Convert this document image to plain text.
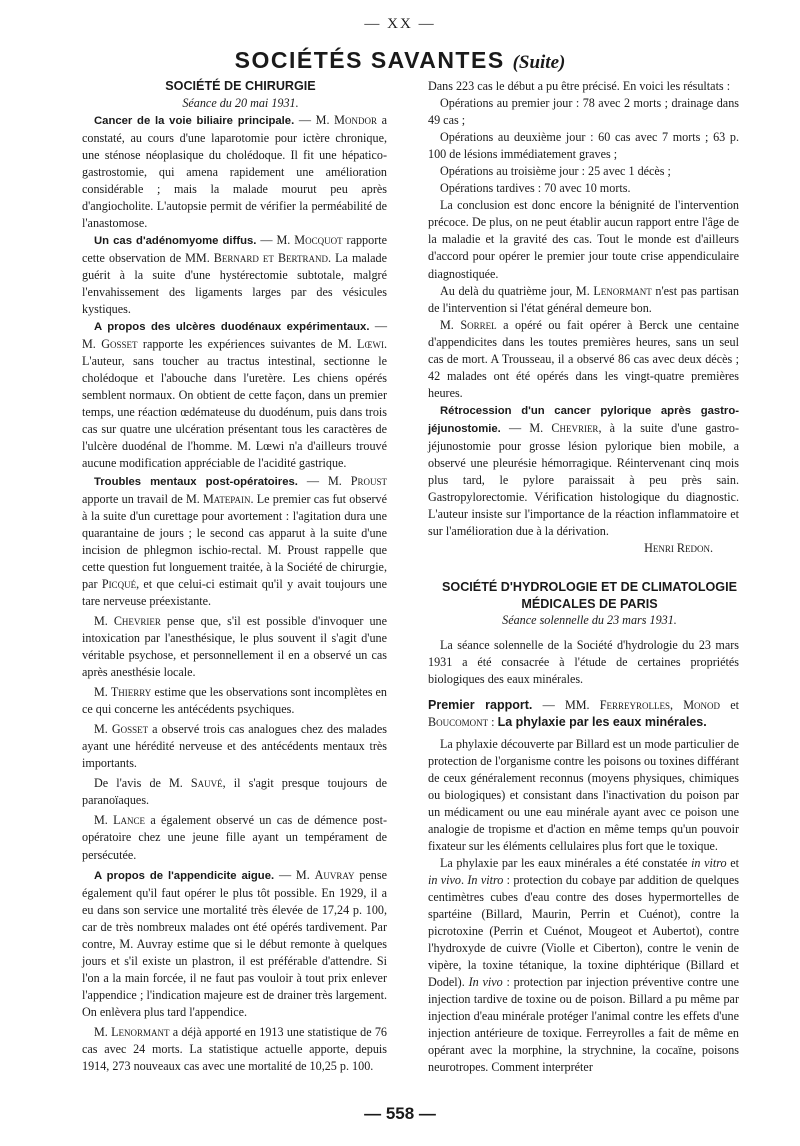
— XX —
SOCIÉTÉS SAVANTES (Suite)

SOCIÉTÉ DE CHIRURGIE

Séance du 20 mai 1931.

Cancer de la voie biliaire principale. — M. Mondor a constaté, au cours d'une laparotomie pour ictère chronique, une sténose néoplasique du cholédoque. Il fit une hépatico-gastrostomie, qui amena rapidement une amélioration considérable ; mais la malade mourut peu après d'angiocholite. L'autopsie permit de vérifier la perméabilité de l'anastomose.

Un cas d'adénomyome diffus. — M. Mocquot rapporte cette observation de MM. Bernard et Bertrand. La malade guérit à la suite d'une hystérectomie subtotale, malgré l'envahissement des ligaments larges par des vésicules kystiques.

A propos des ulcères duodénaux expérimentaux. — M. Gosset rapporte les expériences suivantes de M. Lœwi. L'auteur, sans toucher au tractus intestinal, sectionne le cholédoque et l'abouche dans l'uretère. Les chiens opérés semblent normaux. On obtient de cette façon, dans un premier temps, une réaction œdémateuse du duodénum, puis dans trois cas sur quatre une ulcération présentant tous les caractères de l'ulcère duodénal de l'homme. M. Lœwi n'a d'ailleurs trouvé aucune modification appréciable de l'acidité gastrique.

Troubles mentaux post-opératoires. — M. Proust apporte un travail de M. Matepain. Le premier cas fut observé à la suite d'un curettage pour avortement : l'agitation dura une quarantaine de jours ; le second cas apparut à la suite d'une incision de phlegmon ischio-rectal. M. Proust rappelle que cette question fut longuement traitée, à la Société de chirurgie, par Picqué, et que celui-ci estimait qu'il y avait toujours une tare nerveuse préexistante.

M. Chevrier pense que, s'il est possible d'invoquer une intoxication par l'anesthésique, le plus souvent il s'agit d'une véritable psychose, et personnellement il en a observé un cas après anesthésie locale.

M. Thierry estime que les observations sont incomplètes en ce qui concerne les antécédents psychiques.

M. Gosset a observé trois cas analogues chez des malades ayant une hérédité nerveuse et des antécédents mentaux très importants.

De l'avis de M. Sauvé, il s'agit presque toujours de paranoïaques.

M. Lance a également observé un cas de démence post-opératoire chez une jeune fille ayant un tempérament de persécutée.

A propos de l'appendicite aigue. — M. Auvray pense également qu'il faut opérer le plus tôt possible. En 1929, il a eu dans son service une mortalité très élevée de 17,24 p. 100, car de très nombreux malades ont été opérés tardivement. Par contre, M. Auvray estime que si le début remonte à quelques jours et s'il existe un plastron, il est préférable d'attendre. Si l'on a la main forcée, il ne faut pas vouloir à tout prix enlever l'appendice ; l'indication majeure est de drainer très largement. On enlèvera plus tard l'appendice.

M. Lenormant a déjà apporté en 1913 une statistique de 76 cas avec 24 morts. La statistique actuelle apporte, depuis 1914, 273 nouveaux cas avec une mortalité de 10,25 p. 100.

Dans 223 cas le début a pu être précisé. En voici les résultats :

Opérations au premier jour : 78 avec 2 morts ; drainage dans 49 cas ;

Opérations au deuxième jour : 60 cas avec 7 morts ; 63 p. 100 de lésions immédiatement graves ;

Opérations au troisième jour : 25 avec 1 décès ;

Opérations tardives : 70 avec 10 morts.

La conclusion est donc encore la bénignité de l'intervention précoce. De plus, on ne peut établir aucun rapport entre l'âge de la maladie et la gravité des cas. Tout le monde est d'ailleurs d'accord pour opérer le premier jour toute crise appendiculaire diagnostiquée.

Au delà du quatrième jour, M. Lenormant n'est pas partisan de l'intervention si l'état général demeure bon.

M. Sorrel a opéré ou fait opérer à Berck une centaine d'appendicites dans les toutes premières heures, sans un seul cas de mort. A Trousseau, il a observé 86 cas avec deux décès ; 42 malades ont été opérés dans les vingt-quatre premières heures.

Rétrocession d'un cancer pylorique après gastro-jéjunostomie. — M. Chevrier, à la suite d'une gastro-jéjunostomie pour grosse lésion pylorique bien mobile, a observé une pleurésie hémorragique. Réintervenant cinq mois plus tard, le pylore paraissait à peu près sain. Gastropylorectomie. Vérification histologique du diagnostic. L'auteur insiste sur l'importance de la réaction inflammatoire et sur l'amélioration due à la dérivation.

Henri Redon.

SOCIÉTÉ D'HYDROLOGIE ET DE CLIMATOLOGIE

MÉDICALES DE PARIS

Séance solennelle du 23 mars 1931.

La séance solennelle de la Société d'hydrologie du 23 mars 1931 a été consacrée à l'étude de certaines propriétés biologiques des eaux minérales.

Premier rapport. — MM. Ferreyrolles, Monod et Boucomont : La phylaxie par les eaux minérales.

La phylaxie découverte par Billard est un mode particulier de protection de l'organisme contre les poisons ou toxines différant de ceux généralement reconnus (moyens physiques, chimiques ou biologiques) et consistant dans l'inactivation du poison par un médicament ou une eau minérale ayant avec ce poison une analogie de tropisme et d'action en même temps qu'un pouvoir fixateur sur les éléments cellulaires plus fort que le toxique.

La phylaxie par les eaux minérales a été constatée in vitro et in vivo. In vitro : protection du cobaye par addition de quelques centimètres cubes d'eau contre des doses hypermortelles de spartéine (Billard, Maurin, Perrin et Cuénot), contre la picrotoxine (Perrin et Cuénot, Mougeot et Aubertot), contre l'hydroxyde de cuivre (Violle et Ciberton), contre le venin de vipère, la toxine tétanique, la toxine diphtérique (Billard et Dodel). In vivo : protection par injection préventive contre une injection tardive de toxine ou de poison. Billard a pu même par injection d'eau minérale protéger l'animal contre les effets d'une injection antérieure de toxique. Ferreyrolles a fait de même en opérant avec la morphine, la strychnine, la cocaïne, poisons neurotropes. Comment interpréter

— 558 —
